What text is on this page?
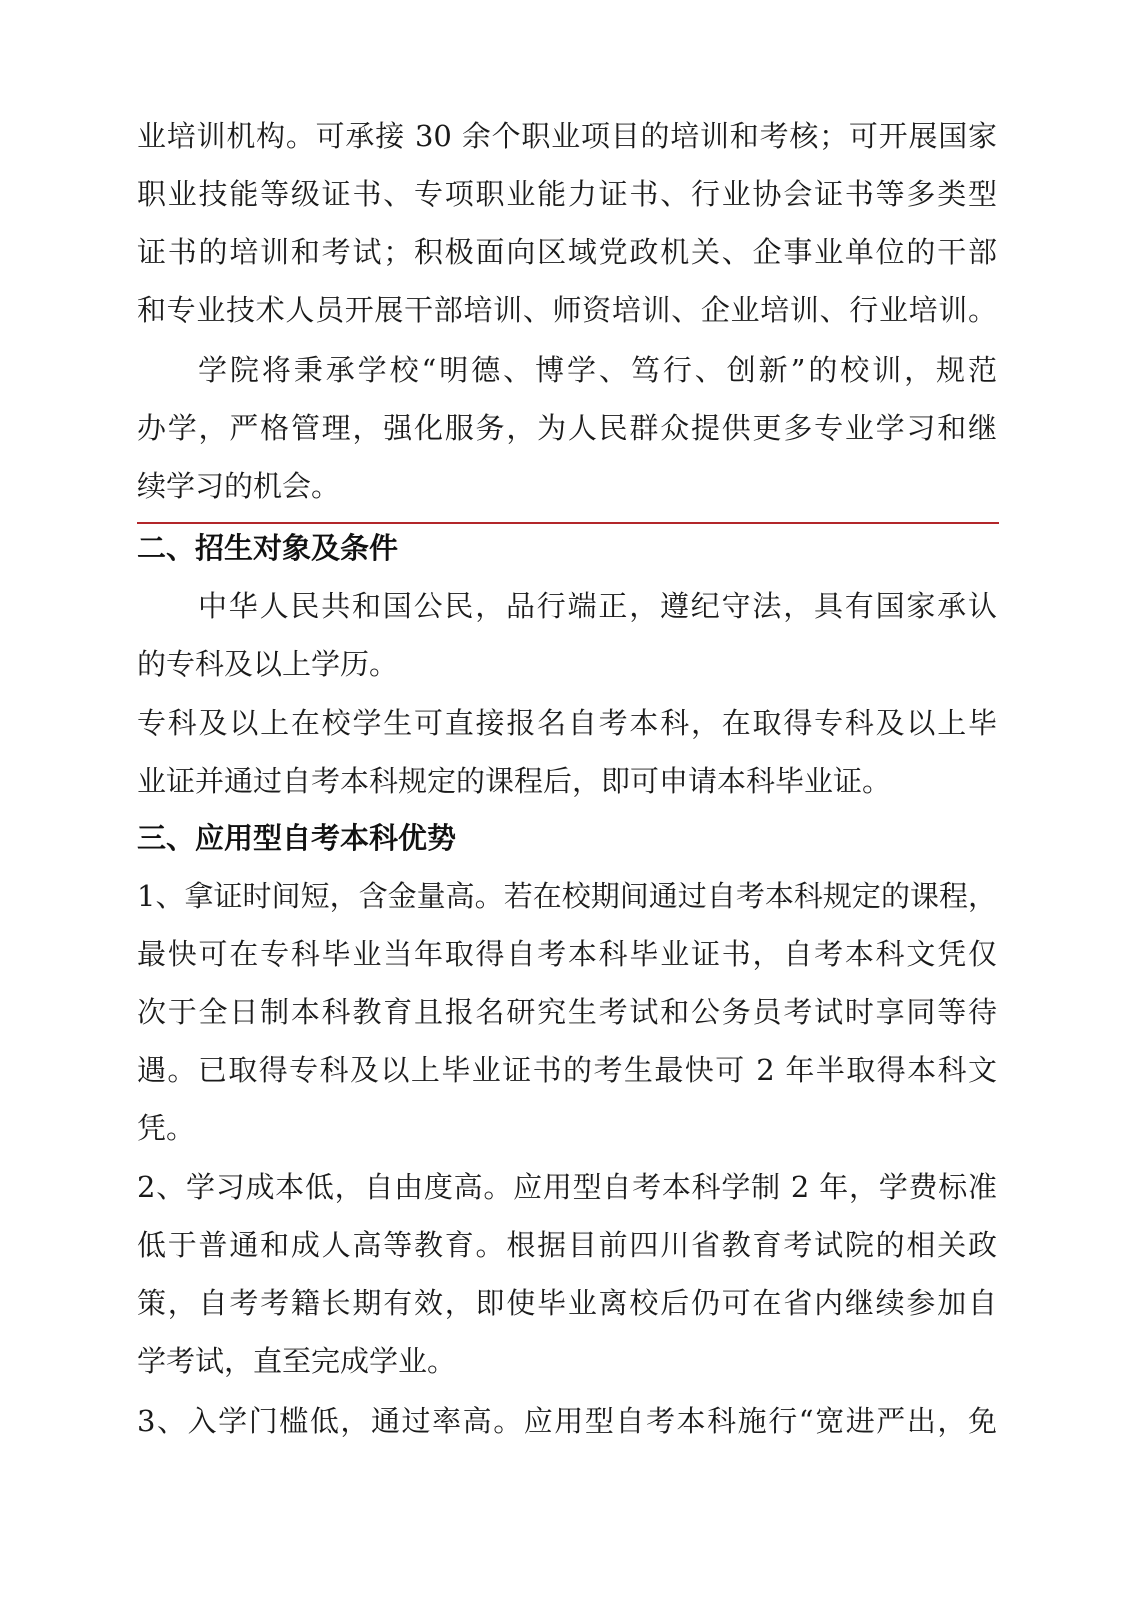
业培训机构。可承接 30 余个职业项目的培训和考核；可开展国家
职业技能等级证书、专项职业能力证书、行业协会证书等多类型
证书的培训和考试；积极面向区域党政机关、企事业单位的干部
和专业技术人员开展干部培训、师资培训、企业培训、行业培训。
学院将秉承学校“明德、博学、笃行、创新”的校训，规范
办学，严格管理，强化服务，为人民群众提供更多专业学习和继
续学习的机会。
二、招生对象及条件
中华人民共和国公民，品行端正，遵纪守法，具有国家承认
的专科及以上学历。
专科及以上在校学生可直接报名自考本科，在取得专科及以上毕
业证并通过自考本科规定的课程后，即可申请本科毕业证。
三、应用型自考本科优势
1、拿证时间短，含金量高。若在校期间通过自考本科规定的课程，
最快可在专科毕业当年取得自考本科毕业证书，自考本科文凭仅
次于全日制本科教育且报名研究生考试和公务员考试时享同等待
遇。已取得专科及以上毕业证书的考生最快可 2 年半取得本科文
凭。
2、学习成本低，自由度高。应用型自考本科学制 2 年，学费标准
低于普通和成人高等教育。根据目前四川省教育考试院的相关政
策，自考考籍长期有效，即使毕业离校后仍可在省内继续参加自
学考试，直至完成学业。
3、入学门槛低，通过率高。应用型自考本科施行“宽进严出，免
